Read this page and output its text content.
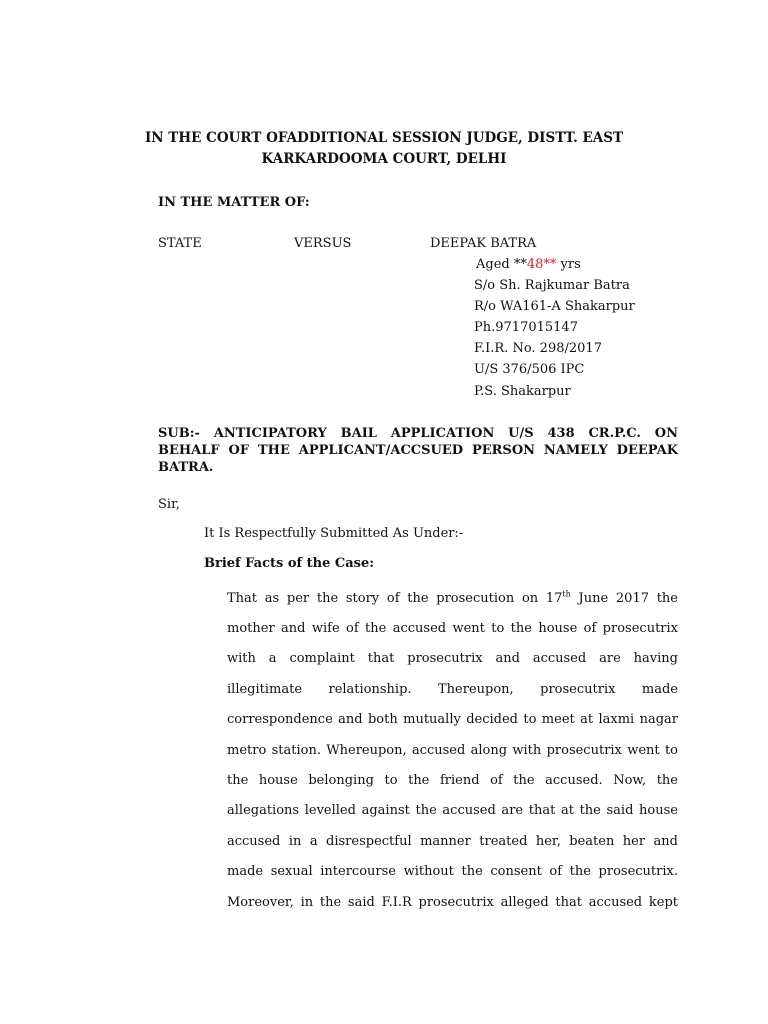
IN THE COURT OFADDITIONAL SESSION JUDGE, DISTT. EAST
KARKARDOOMA COURT, DELHI
IN THE MATTER OF:
STATE	VERSUS	DEEPAK BATRA
Aged **48** yrs
S/o Sh. Rajkumar Batra
R/o WA161-A Shakarpur
Ph.9717015147
F.I.R. No. 298/2017
U/S 376/506 IPC
P.S. Shakarpur
SUB:- ANTICIPATORY BAIL APPLICATION U/S 438 CR.P.C. ON BEHALF OF THE APPLICANT/ACCSUED PERSON NAMELY DEEPAK BATRA.
Sir,
It Is Respectfully Submitted As Under:-
Brief Facts of the Case:
That as per the story of the prosecution on 17th June 2017 the
mother and wife of the accused went to the house of prosecutrix
with a complaint that prosecutrix and accused are having
illegitimate relationship. Thereupon, prosecutrix made
correspondence and both mutually decided to meet at laxmi nagar
metro station. Whereupon, accused along with prosecutrix went to
the house belonging to the friend of the accused. Now, the
allegations levelled against the accused are that at the said house
accused in a disrespectful manner treated her, beaten her and
made sexual intercourse without the consent of the prosecutrix.
Moreover, in the said F.I.R prosecutrix alleged that accused kept
